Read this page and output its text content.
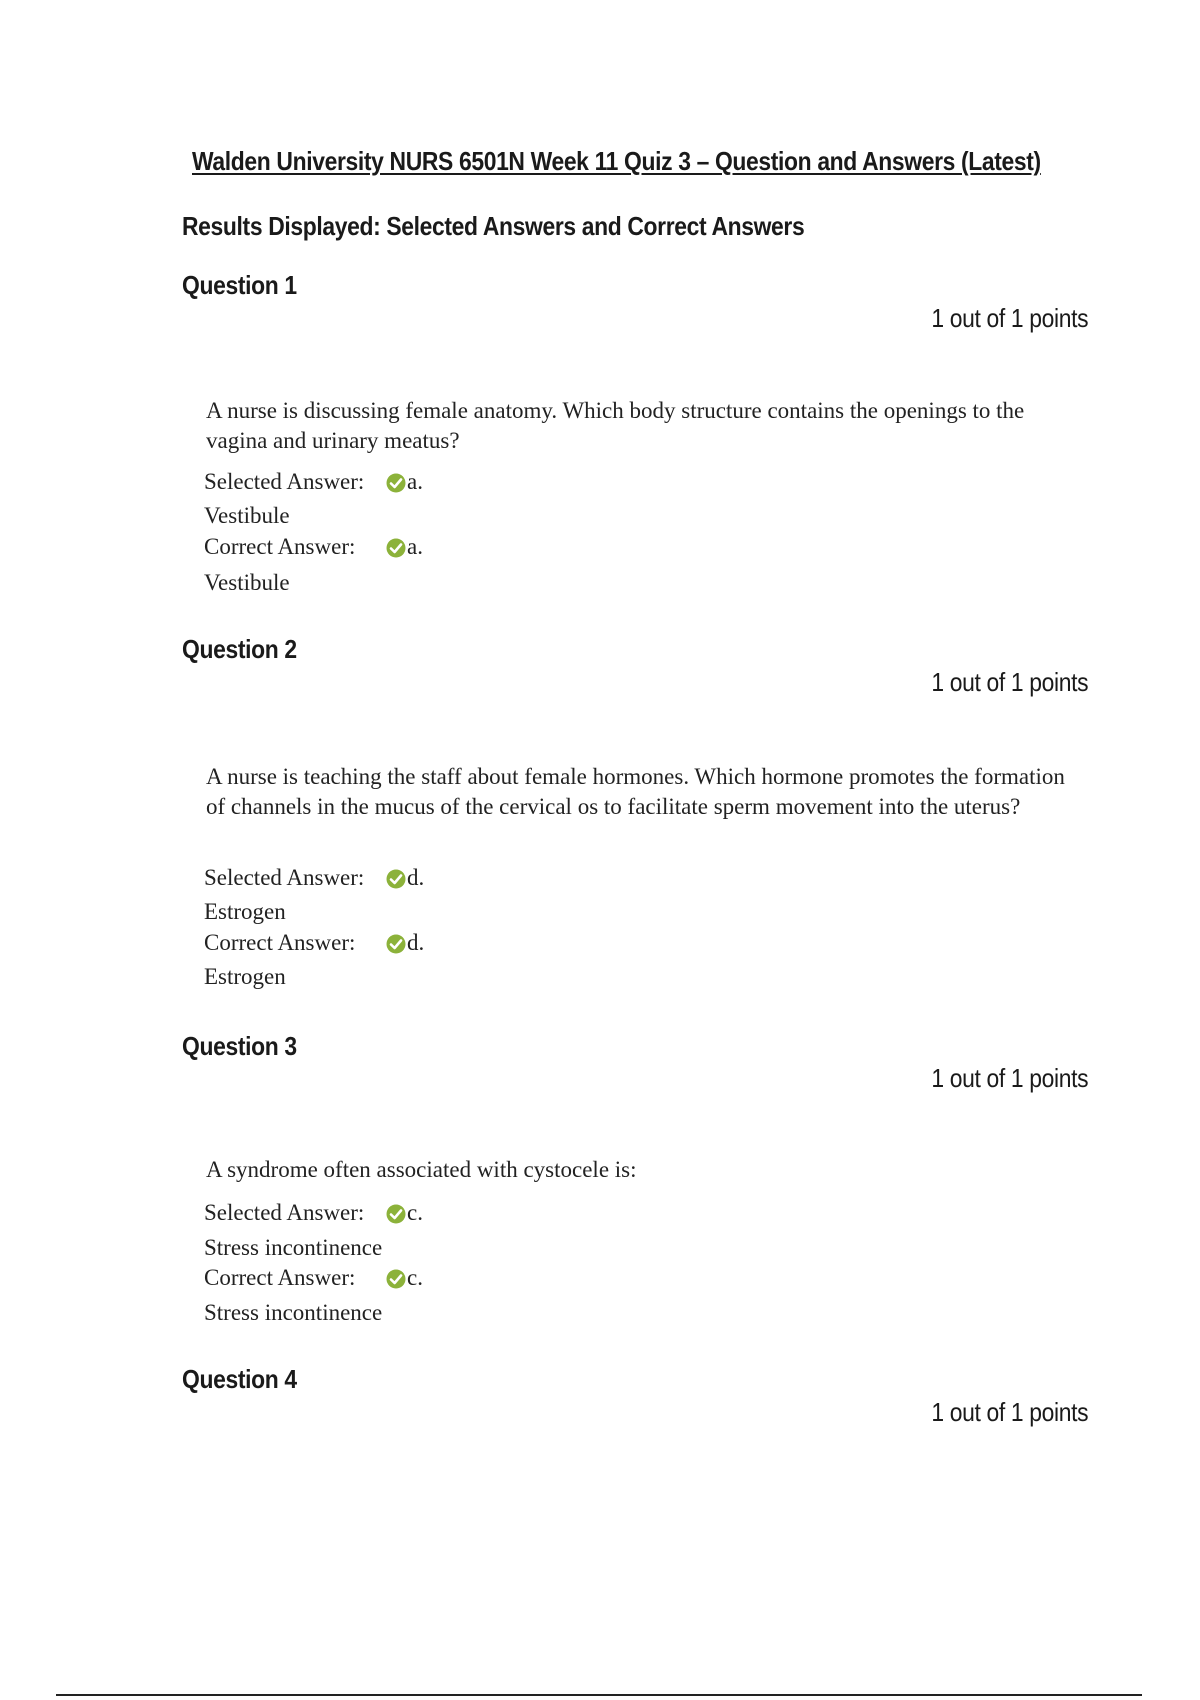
Walden University NURS 6501N Week 11 Quiz 3 – Question and Answers (Latest)
Results Displayed: Selected Answers and Correct Answers
Question 1
1 out of 1 points
A nurse is discussing female anatomy. Which body structure contains the openings to the vagina and urinary meatus?
Selected Answer:	a.
Vestibule
Correct Answer:	a.
Vestibule
Question 2
1 out of 1 points
A nurse is teaching the staff about female hormones. Which hormone promotes the formation of channels in the mucus of the cervical os to facilitate sperm movement into the uterus?
Selected Answer:	d.
Estrogen
Correct Answer:	d.
Estrogen
Question 3
1 out of 1 points
A syndrome often associated with cystocele is:
Selected Answer:	c.
Stress incontinence
Correct Answer:	c.
Stress incontinence
Question 4
1 out of 1 points
